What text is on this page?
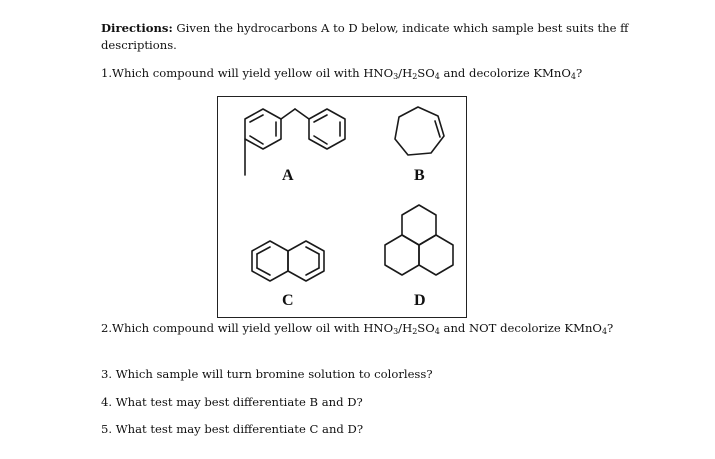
Directions: Given the hydrocarbons A to D below, indicate which sample best suits the ff descriptions.

1.Which compound will yield yellow oil with $HNO_3/H_2SO_4$ and decolorize KMnO$_4$?

A	B
C	D

2.Which compound will yield yellow oil with $HNO_3/H_2SO_4$ and NOT decolorize KMnO$_4$?

3. Which sample will turn bromine solution to colorless?

4. What test may best differentiate B and D?

5. What test may best differentiate C and D?
